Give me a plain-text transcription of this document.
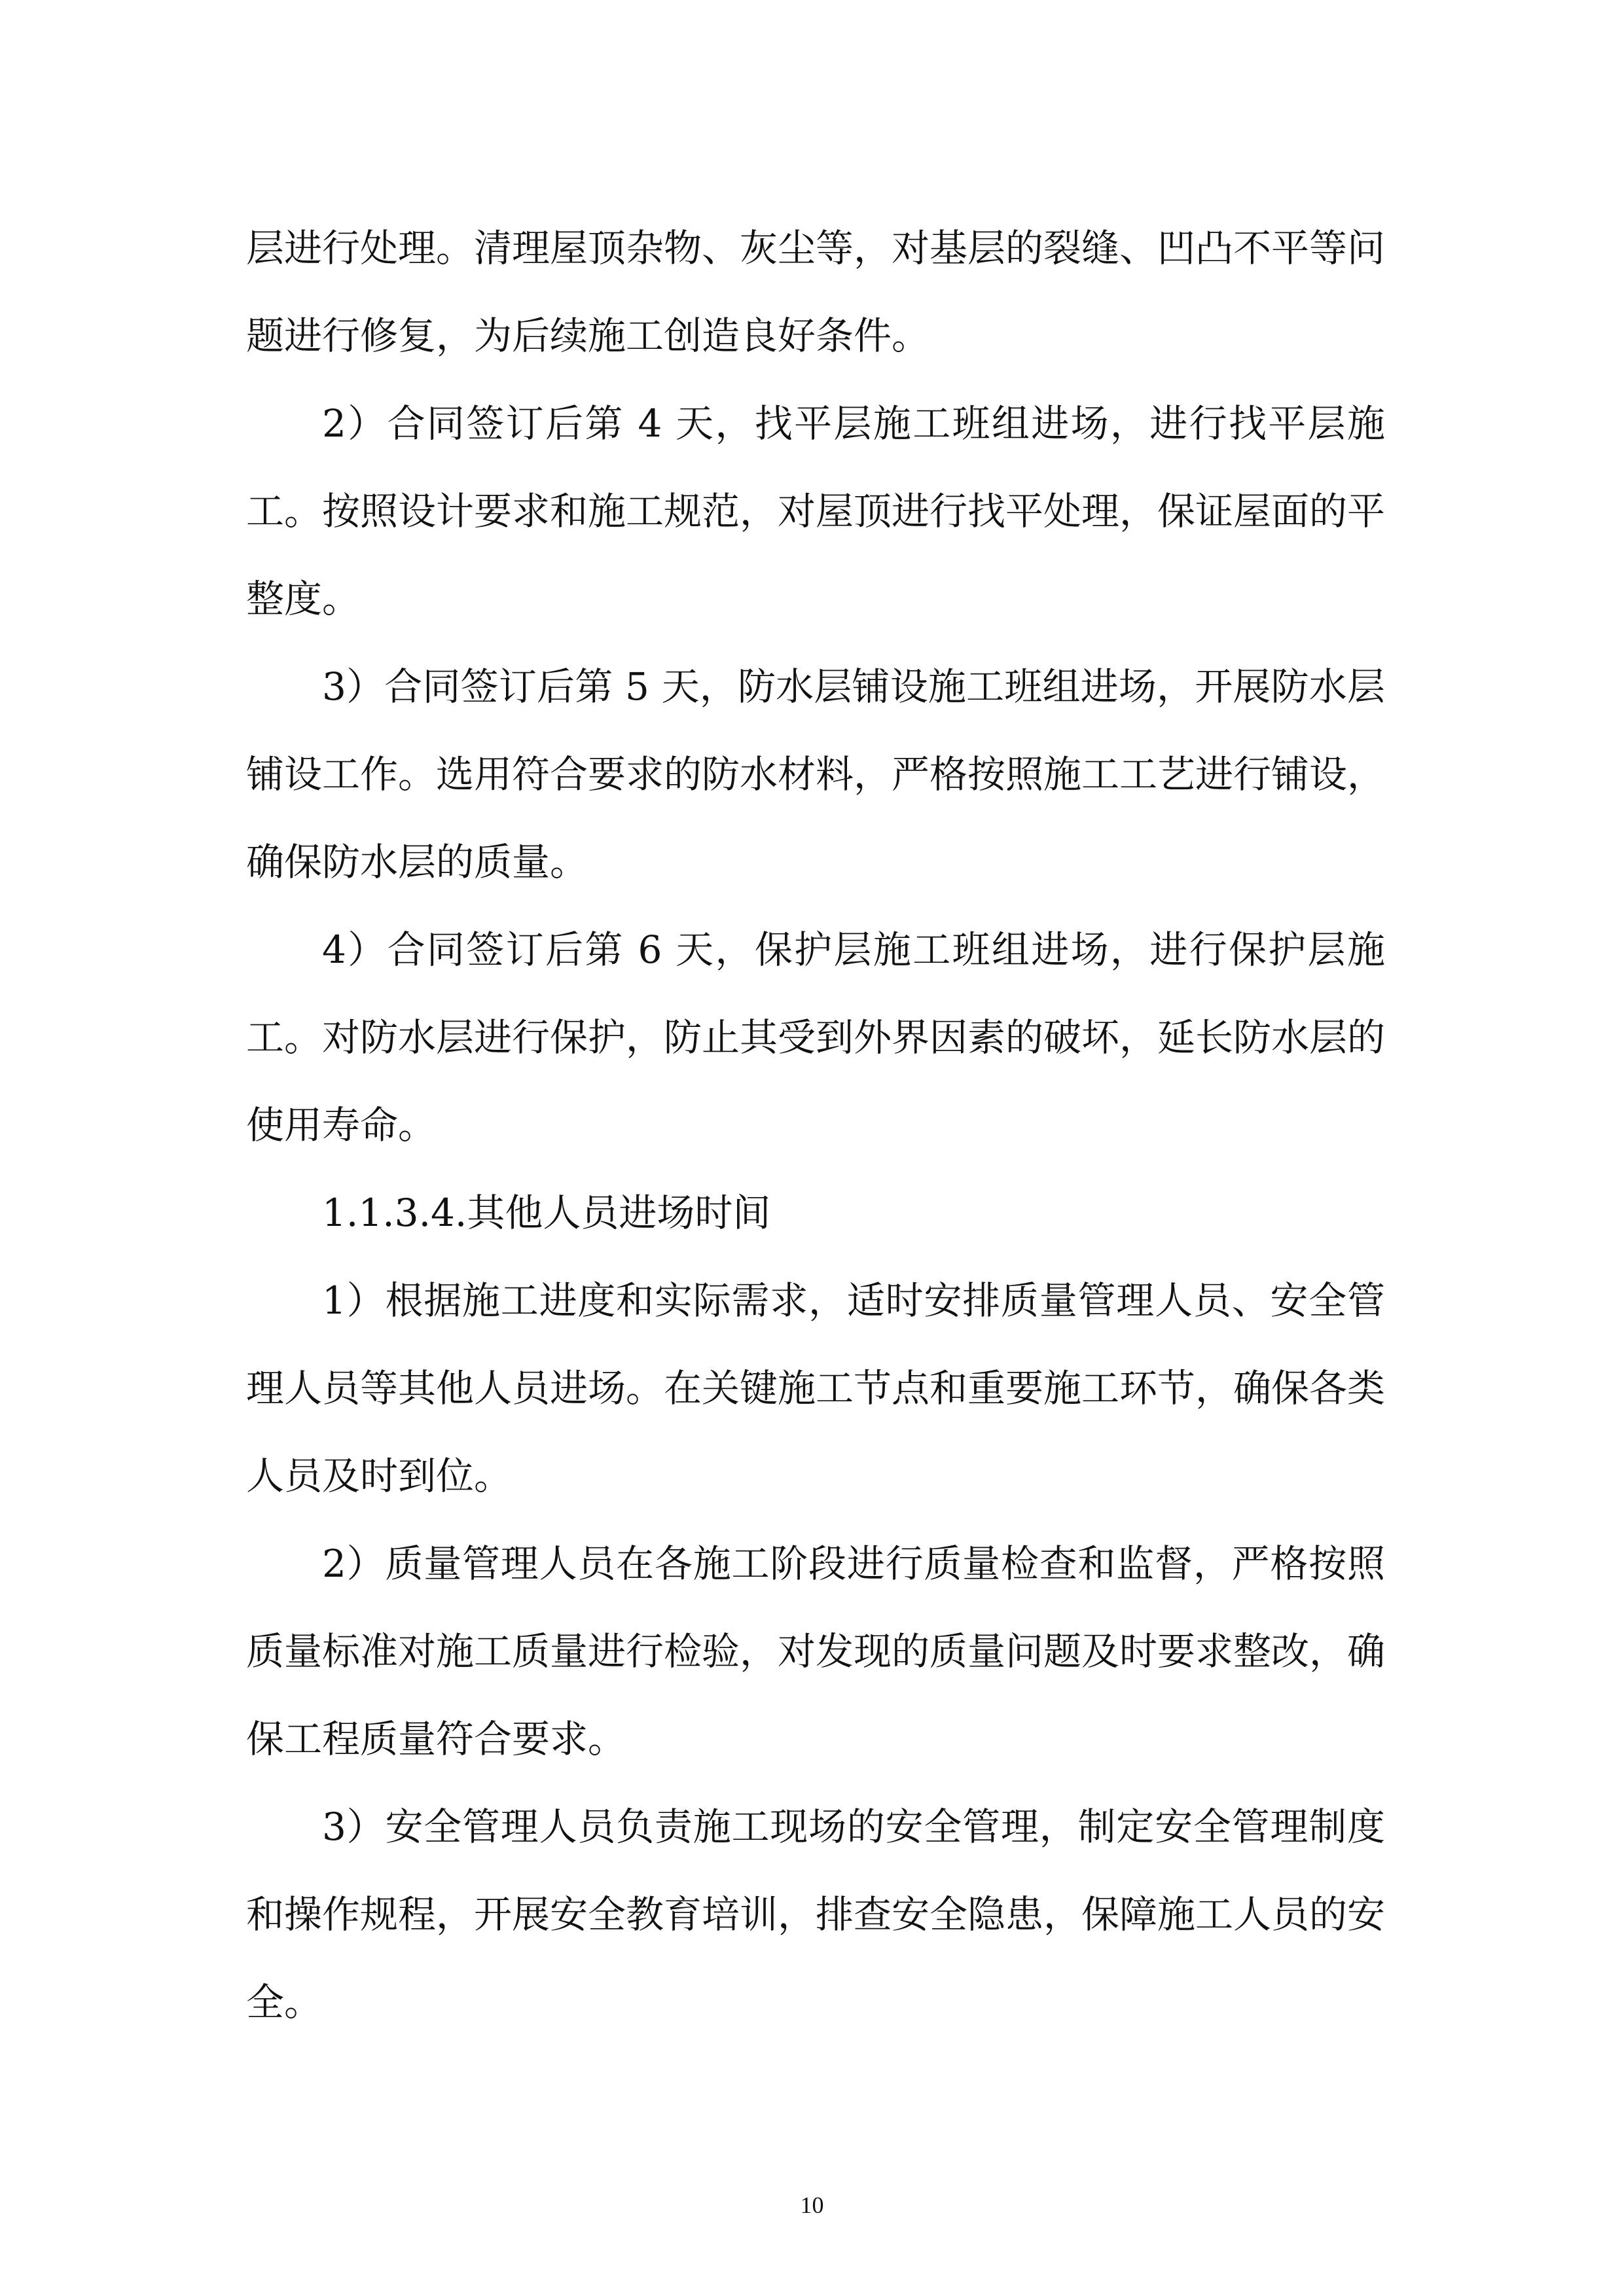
层进行处理。清理屋顶杂物、灰尘等，对基层的裂缝、凹凸不平等问题进行修复，为后续施工创造良好条件。

2）合同签订后第 4 天，找平层施工班组进场，进行找平层施工。按照设计要求和施工规范，对屋顶进行找平处理，保证屋面的平整度。

3）合同签订后第 5 天，防水层铺设施工班组进场，开展防水层铺设工作。选用符合要求的防水材料，严格按照施工工艺进行铺设，确保防水层的质量。

4）合同签订后第 6 天，保护层施工班组进场，进行保护层施工。对防水层进行保护，防止其受到外界因素的破坏，延长防水层的使用寿命。

1.1.3.4.其他人员进场时间

1）根据施工进度和实际需求，适时安排质量管理人员、安全管理人员等其他人员进场。在关键施工节点和重要施工环节，确保各类人员及时到位。

2）质量管理人员在各施工阶段进行质量检查和监督，严格按照质量标准对施工质量进行检验，对发现的质量问题及时要求整改，确保工程质量符合要求。

3）安全管理人员负责施工现场的安全管理，制定安全管理制度和操作规程，开展安全教育培训，排查安全隐患，保障施工人员的安全。

10
